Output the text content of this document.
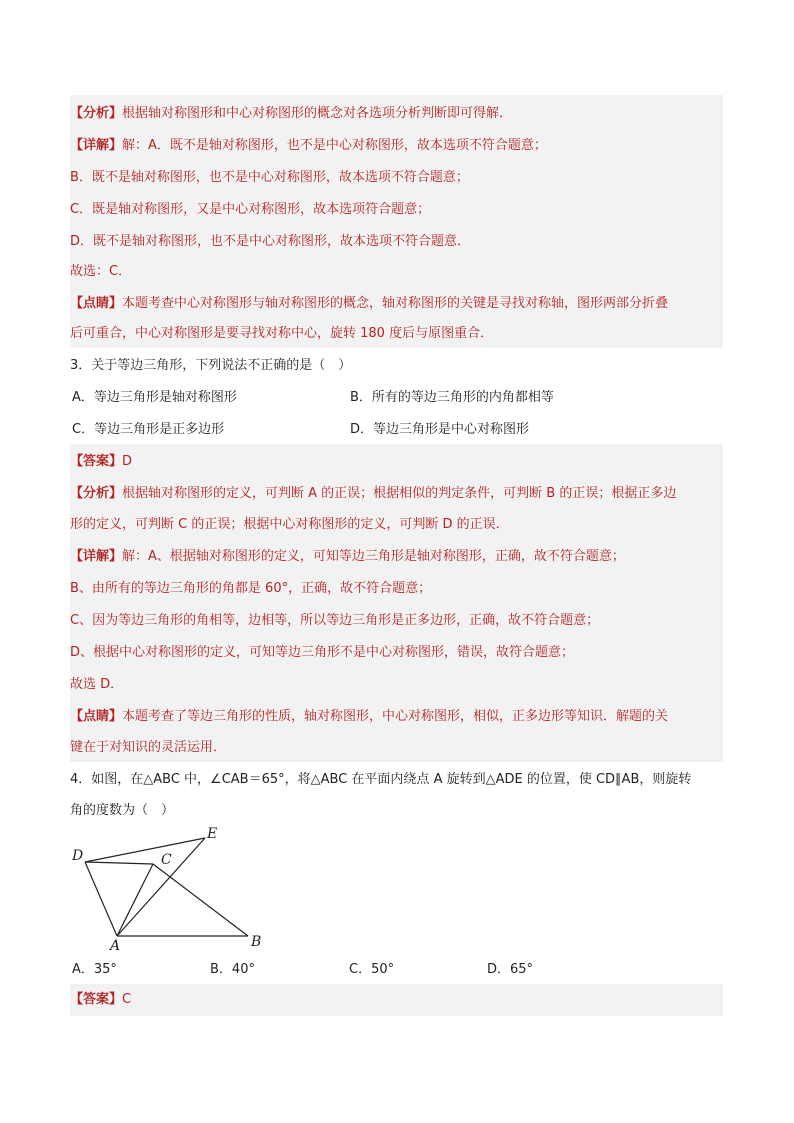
【分析】根据轴对称图形和中心对称图形的概念对各选项分析判断即可得解．
【详解】解：A．既不是轴对称图形，也不是中心对称图形，故本选项不符合题意；
B．既不是轴对称图形，也不是中心对称图形，故本选项不符合题意；
C．既是轴对称图形，又是中心对称图形，故本选项符合题意；
D．既不是轴对称图形，也不是中心对称图形，故本选项不符合题意．
故选：C．
【点睛】本题考查中心对称图形与轴对称图形的概念，轴对称图形的关键是寻找对称轴，图形两部分折叠
后可重合，中心对称图形是要寻找对称中心，旋转 180 度后与原图重合．
3．关于等边三角形，下列说法不正确的是（　）
A．等边三角形是轴对称图形	B．所有的等边三角形的内角都相等
C．等边三角形是正多边形	D．等边三角形是中心对称图形
【答案】D
【分析】根据轴对称图形的定义，可判断 A 的正误；根据相似的判定条件，可判断 B 的正误；根据正多边
形的定义，可判断 C 的正误；根据中心对称图形的定义，可判断 D 的正误．
【详解】解：A、根据轴对称图形的定义，可知等边三角形是轴对称图形，正确，故不符合题意；
B、由所有的等边三角形的角都是 60°，正确，故不符合题意；
C、因为等边三角形的角相等，边相等，所以等边三角形是正多边形，正确，故不符合题意；
D、根据中心对称图形的定义，可知等边三角形不是中心对称图形，错误，故符合题意；
故选 D．
【点睛】本题考查了等边三角形的性质，轴对称图形，中心对称图形，相似，正多边形等知识．解题的关
键在于对知识的灵活运用．
4．如图，在△ABC 中，∠CAB＝65°，将△ABC 在平面内绕点 A 旋转到△ADE 的位置，使 CD∥AB，则旋转
角的度数为（　）
A	B
C
D
E
A．35°	B．40°	C．50°	D．65°
【答案】C
